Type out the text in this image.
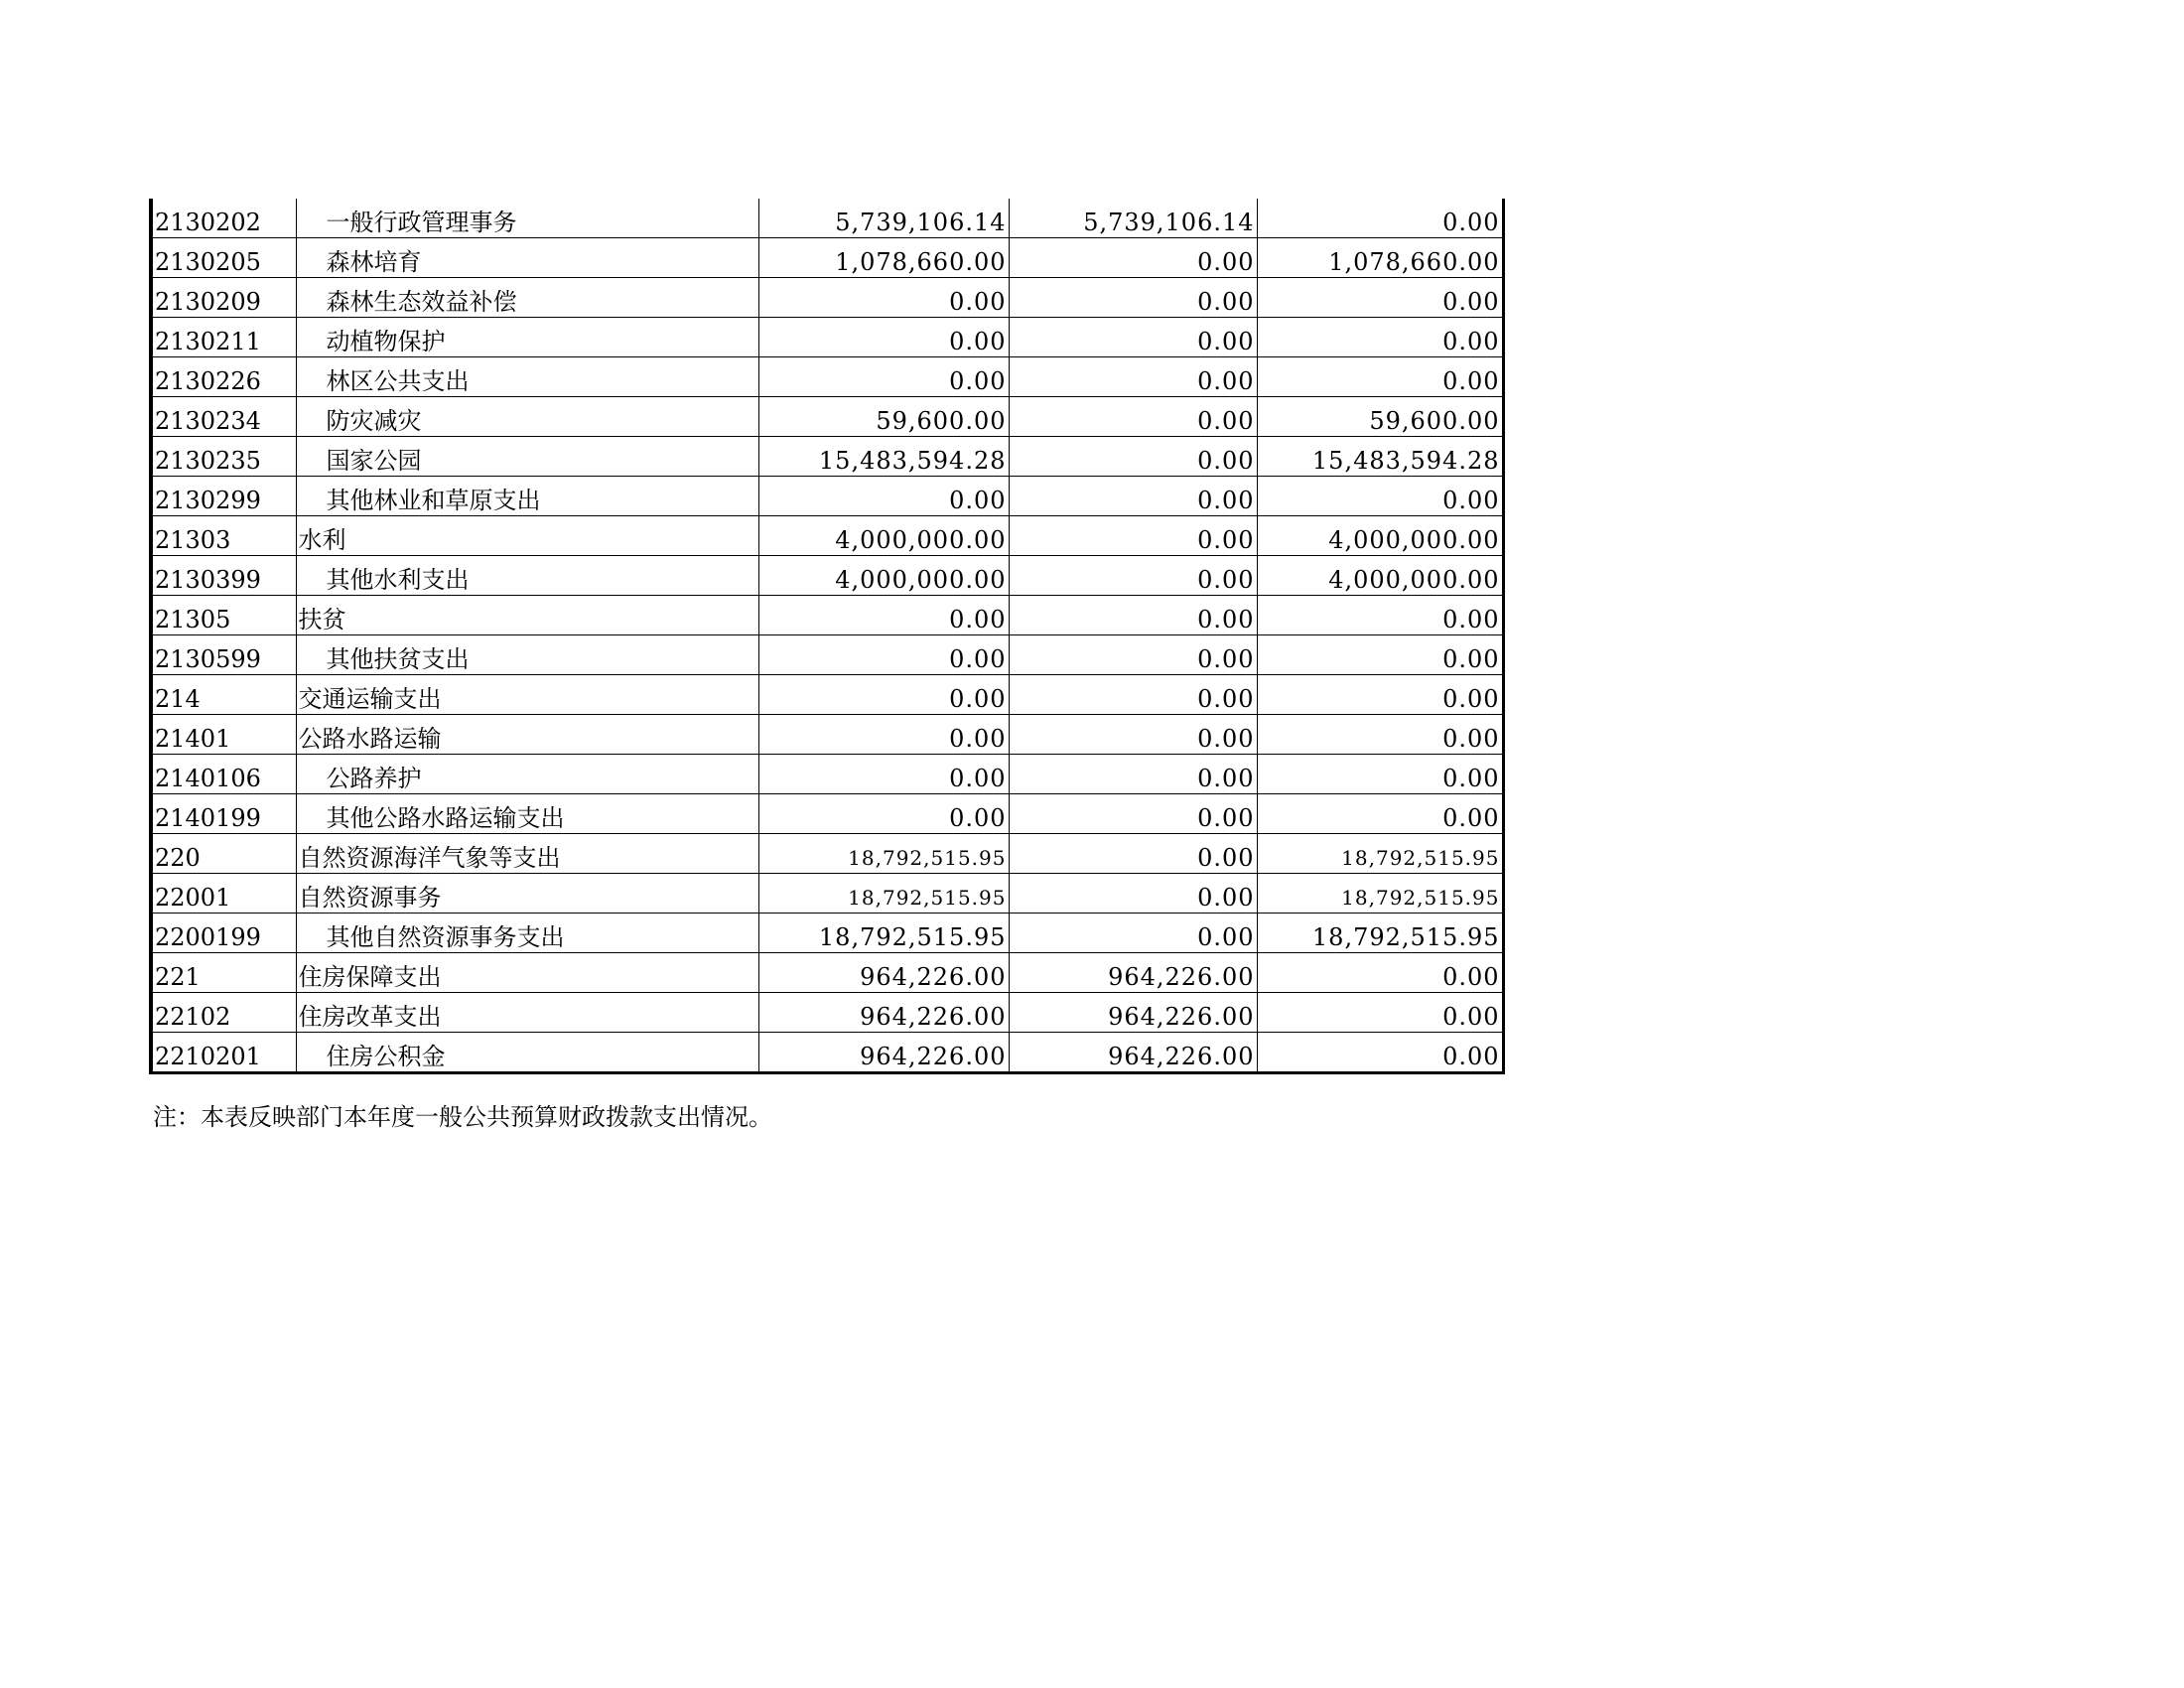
2130202	一般行政管理事务	5,739,106.14	5,739,106.14	0.00
2130205	森林培育	1,078,660.00	0.00	1,078,660.00
2130209	森林生态效益补偿	0.00	0.00	0.00
2130211	动植物保护	0.00	0.00	0.00
2130226	林区公共支出	0.00	0.00	0.00
2130234	防灾减灾	59,600.00	0.00	59,600.00
2130235	国家公园	15,483,594.28	0.00	15,483,594.28
2130299	其他林业和草原支出	0.00	0.00	0.00
21303	水利	4,000,000.00	0.00	4,000,000.00
2130399	其他水利支出	4,000,000.00	0.00	4,000,000.00
21305	扶贫	0.00	0.00	0.00
2130599	其他扶贫支出	0.00	0.00	0.00
214	交通运输支出	0.00	0.00	0.00
21401	公路水路运输	0.00	0.00	0.00
2140106	公路养护	0.00	0.00	0.00
2140199	其他公路水路运输支出	0.00	0.00	0.00
220	自然资源海洋气象等支出	18,792,515.95	0.00	18,792,515.95
22001	自然资源事务	18,792,515.95	0.00	18,792,515.95
2200199	其他自然资源事务支出	18,792,515.95	0.00	18,792,515.95
221	住房保障支出	964,226.00	964,226.00	0.00
22102	住房改革支出	964,226.00	964,226.00	0.00
2210201	住房公积金	964,226.00	964,226.00	0.00
注：本表反映部门本年度一般公共预算财政拨款支出情况。
